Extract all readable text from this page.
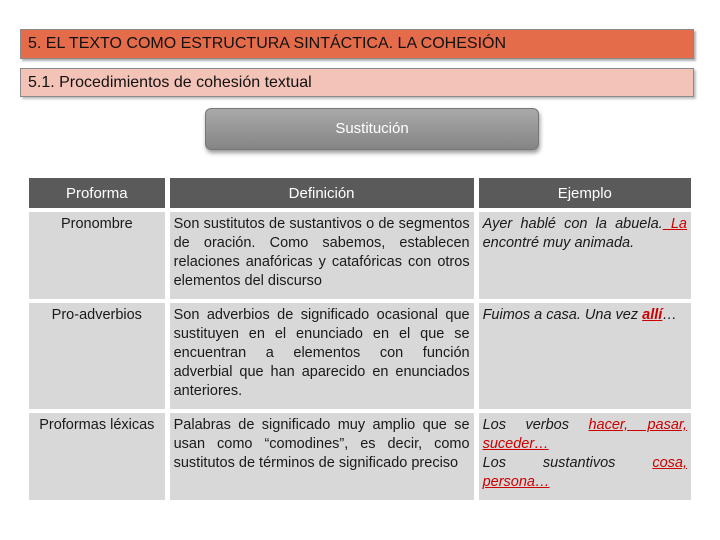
5. EL TEXTO COMO ESTRUCTURA SINTÁCTICA. LA COHESIÓN
5.1. Procedimientos de cohesión textual
Sustitución
Proforma	Definición	Ejemplo

Pronombre	Son sustitutos de sustantivos o de segmentos de oración. Como sabemos, establecen relaciones anafóricas y catafóricas con otros elementos del discurso	Ayer hablé con la abuela. La encontré muy animada.

Pro-adverbios	Son adverbios de significado ocasional que sustituyen en el enunciado en el que se encuentran a elementos con función adverbial que han aparecido en enunciados anteriores.	Fuimos a casa. Una vez allí…

Proformas léxicas	Palabras de significado muy amplio que se usan como “comodines”, es decir, como sustitutos de términos de significado preciso	Los verbos hacer, pasar, suceder…
Los sustantivos cosa, persona…
